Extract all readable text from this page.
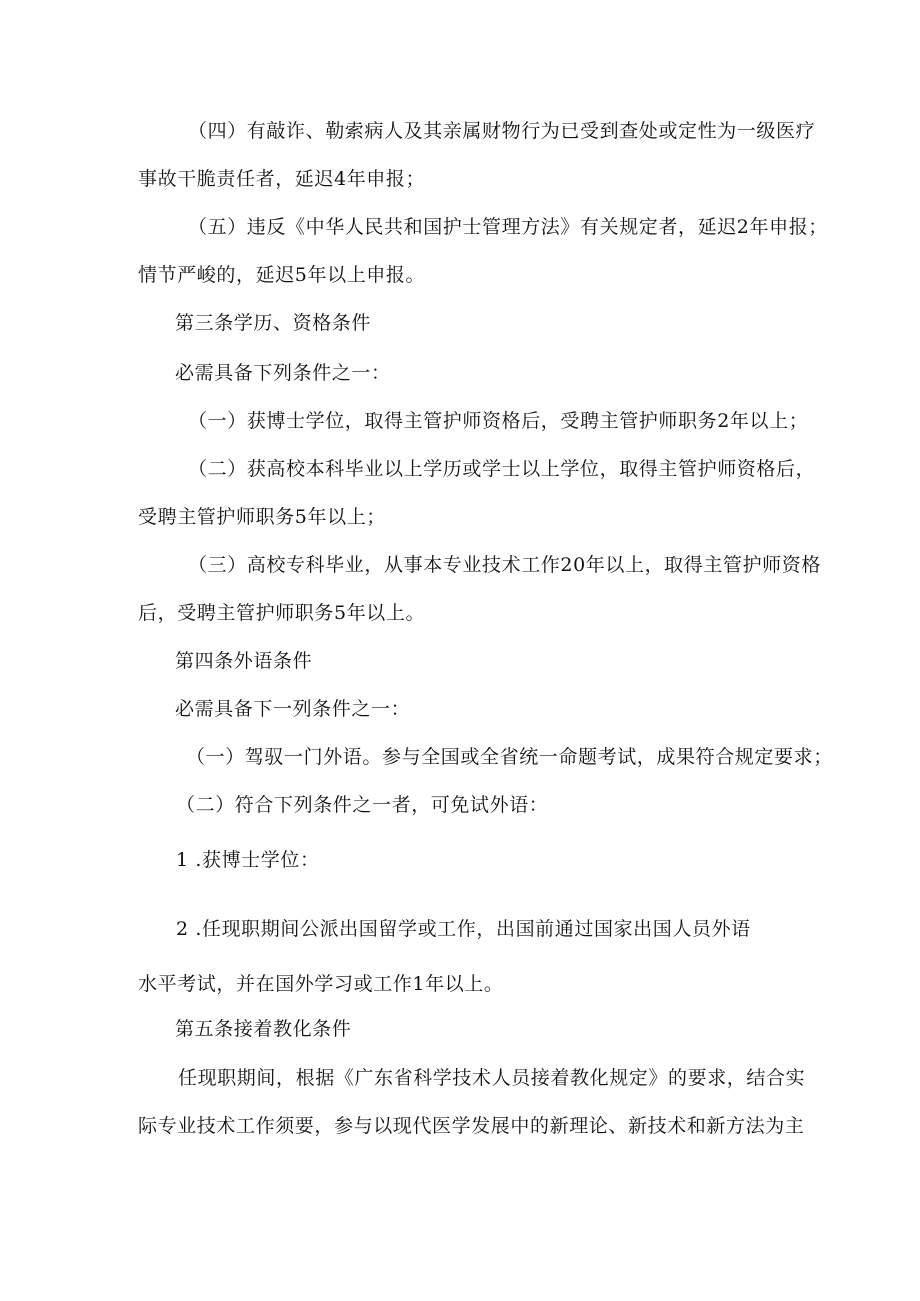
（四）有敲诈、勒索病人及其亲属财物行为已受到查处或定性为一级医疗
事故干脆责任者，延迟4年申报；
（五）违反《中华人民共和国护士管理方法》有关规定者，延迟2年申报；
情节严峻的，延迟5年以上申报。
第三条学历、资格条件
必需具备下列条件之一：
（一）获博士学位，取得主管护师资格后，受聘主管护师职务2年以上；
（二）获高校本科毕业以上学历或学士以上学位，取得主管护师资格后，
受聘主管护师职务5年以上；
（三）高校专科毕业，从事本专业技术工作20年以上，取得主管护师资格
后，受聘主管护师职务5年以上。
第四条外语条件
必需具备下一列条件之一：
（一）驾驭一门外语。参与全国或全省统一命题考试，成果符合规定要求；
（二）符合下列条件之一者，可免试外语：
1 .获博士学位：
2 .任现职期间公派出国留学或工作，出国前通过国家出国人员外语
水平考试，并在国外学习或工作1年以上。
第五条接着教化条件
任现职期间，根据《广东省科学技术人员接着教化规定》的要求，结合实
际专业技术工作须要，参与以现代医学发展中的新理论、新技术和新方法为主
